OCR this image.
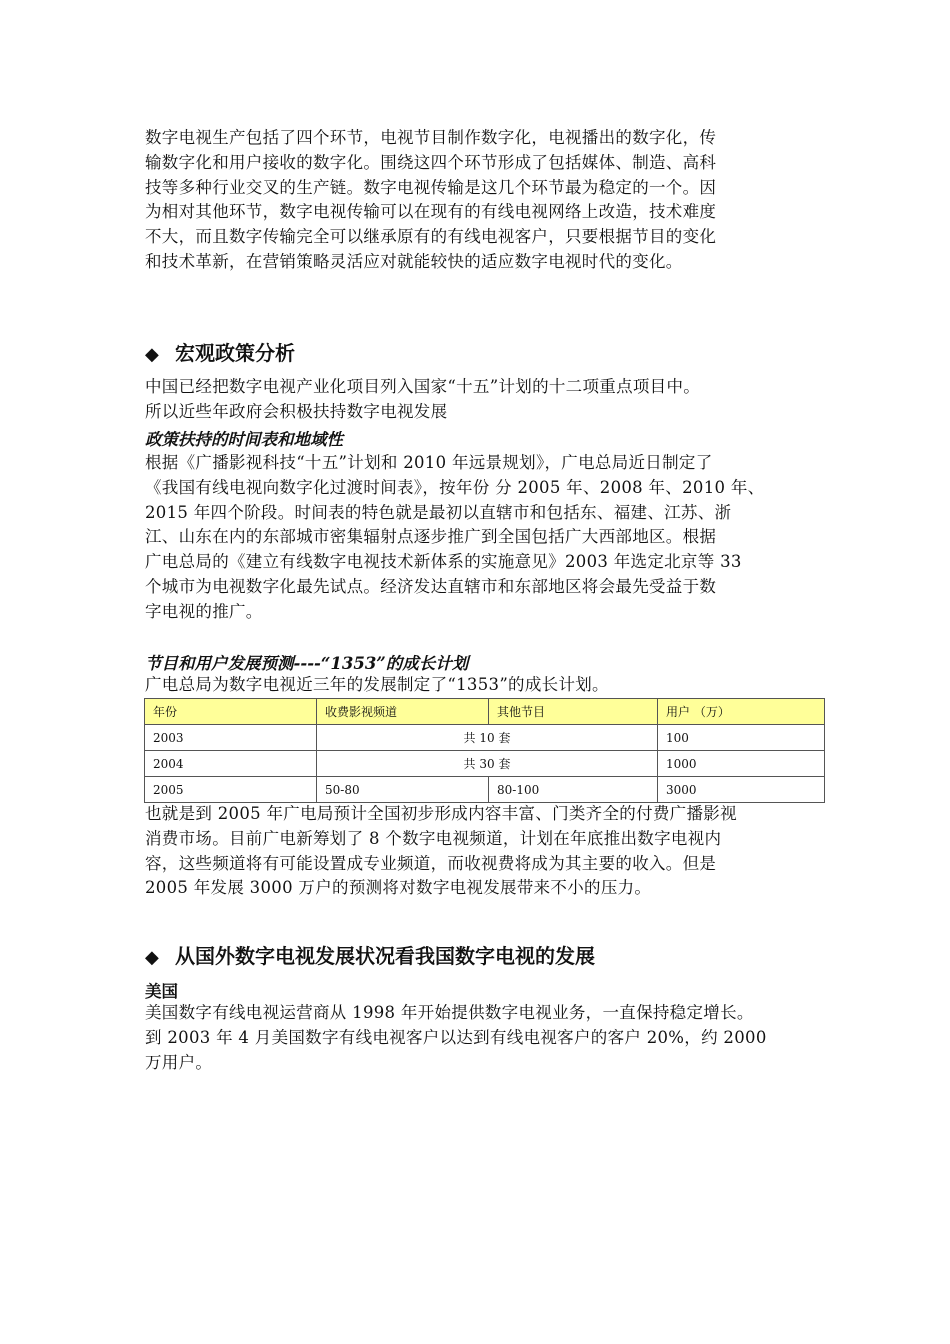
数字电视生产包括了四个环节，电视节目制作数字化，电视播出的数字化，传
输数字化和用户接收的数字化。围绕这四个环节形成了包括媒体、制造、高科
技等多种行业交叉的生产链。数字电视传输是这几个环节最为稳定的一个。因
为相对其他环节，数字电视传输可以在现有的有线电视网络上改造，技术难度
不大，而且数字传输完全可以继承原有的有线电视客户，只要根据节目的变化
和技术革新，在营销策略灵活应对就能较快的适应数字电视时代的变化。

◆ 宏观政策分析

中国已经把数字电视产业化项目列入国家“十五”计划的十二项重点项目中。
所以近些年政府会积极扶持数字电视发展

政策扶持的时间表和地域性

根据《广播影视科技“十五”计划和 2010 年远景规划》，广电总局近日制定了
《我国有线电视向数字化过渡时间表》，按年份 分 2005 年、2008 年、2010 年、
2015 年四个阶段。时间表的特色就是最初以直辖市和包括东、福建、江苏、浙
江、山东在内的东部城市密集辐射点逐步推广到全国包括广大西部地区。根据
广电总局的《建立有线数字电视技术新体系的实施意见》2003 年选定北京等 33
个城市为电视数字化最先试点。经济发达直辖市和东部地区将会最先受益于数
字电视的推广。

节目和用户发展预测----“1353”的成长计划

广电总局为数字电视近三年的发展制定了“1353”的成长计划。

年份	收费影视频道	其他节目	用户 （万）
2003	共 10 套		100
2004	共 30 套		1000
2005	50-80	80-100	3000

也就是到 2005 年广电局预计全国初步形成内容丰富、门类齐全的付费广播影视
消费市场。目前广电新筹划了 8 个数字电视频道，计划在年底推出数字电视内
容，这些频道将有可能设置成专业频道，而收视费将成为其主要的收入。但是
2005 年发展 3000 万户的预测将对数字电视发展带来不小的压力。

◆ 从国外数字电视发展状况看我国数字电视的发展

美国

美国数字有线电视运营商从 1998 年开始提供数字电视业务，一直保持稳定增长。
到 2003 年 4 月美国数字有线电视客户以达到有线电视客户的客户 20%，约 2000
万用户。
